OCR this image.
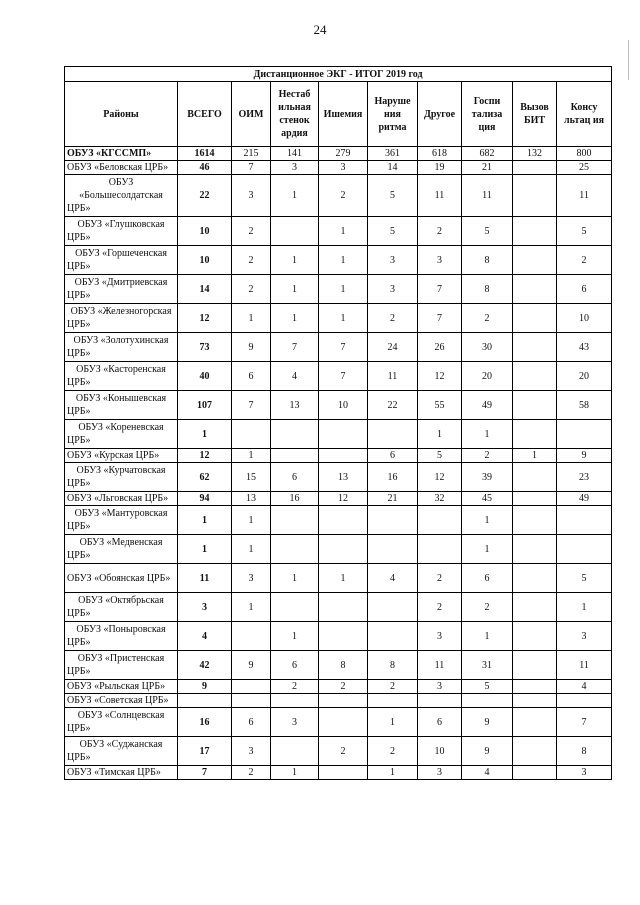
24
Дистанционное ЭКГ - ИТОГ 2019 год									
Районы	ВСЕГО	ОИМ	Нестаб ильная стенок ардия	Ишемия	Наруше ния ритма	Другое	Госпи тализа ция	Вызов БИТ	Консу льтац ия
ОБУЗ «КГССМП»	1614	215	141	279	361	618	682	132	800
ОБУЗ «Беловская ЦРБ»	46	7	3	3	14	19	21		25
ОБУЗ «Большесолдатская ЦРБ»	22	3	1	2	5	11	11		11
ОБУЗ «Глушковская ЦРБ»	10	2		1	5	2	5		5
ОБУЗ «Горшеченская ЦРБ»	10	2	1	1	3	3	8		2
ОБУЗ «Дмитриевская ЦРБ»	14	2	1	1	3	7	8		6
ОБУЗ «Железногорская ЦРБ»	12	1	1	1	2	7	2		10
ОБУЗ «Золотухинская ЦРБ»	73	9	7	7	24	26	30		43
ОБУЗ «Касторенская ЦРБ»	40	6	4	7	11	12	20		20
ОБУЗ «Конышевская ЦРБ»	107	7	13	10	22	55	49		58
ОБУЗ «Кореневская ЦРБ»	1					1	1		
ОБУЗ «Курская ЦРБ»	12	1			6	5	2	1	9
ОБУЗ «Курчатовская ЦРБ»	62	15	6	13	16	12	39		23
ОБУЗ «Льговская ЦРБ»	94	13	16	12	21	32	45		49
ОБУЗ «Мантуровская ЦРБ»	1	1					1		
ОБУЗ «Медвенская ЦРБ»	1	1					1		
ОБУЗ «Обоянская ЦРБ»	11	3	1	1	4	2	6		5
ОБУЗ «Октябрьская ЦРБ»	3	1				2	2		1
ОБУЗ «Поныровская ЦРБ»	4		1			3	1		3
ОБУЗ «Пристенская ЦРБ»	42	9	6	8	8	11	31		11
ОБУЗ «Рыльская ЦРБ»	9		2	2	2	3	5		4
ОБУЗ «Советская ЦРБ»									
ОБУЗ «Солнцевская ЦРБ»	16	6	3		1	6	9		7
ОБУЗ «Суджанская ЦРБ»	17	3		2	2	10	9		8
ОБУЗ «Тимская ЦРБ»	7	2	1		1	3	4		3
